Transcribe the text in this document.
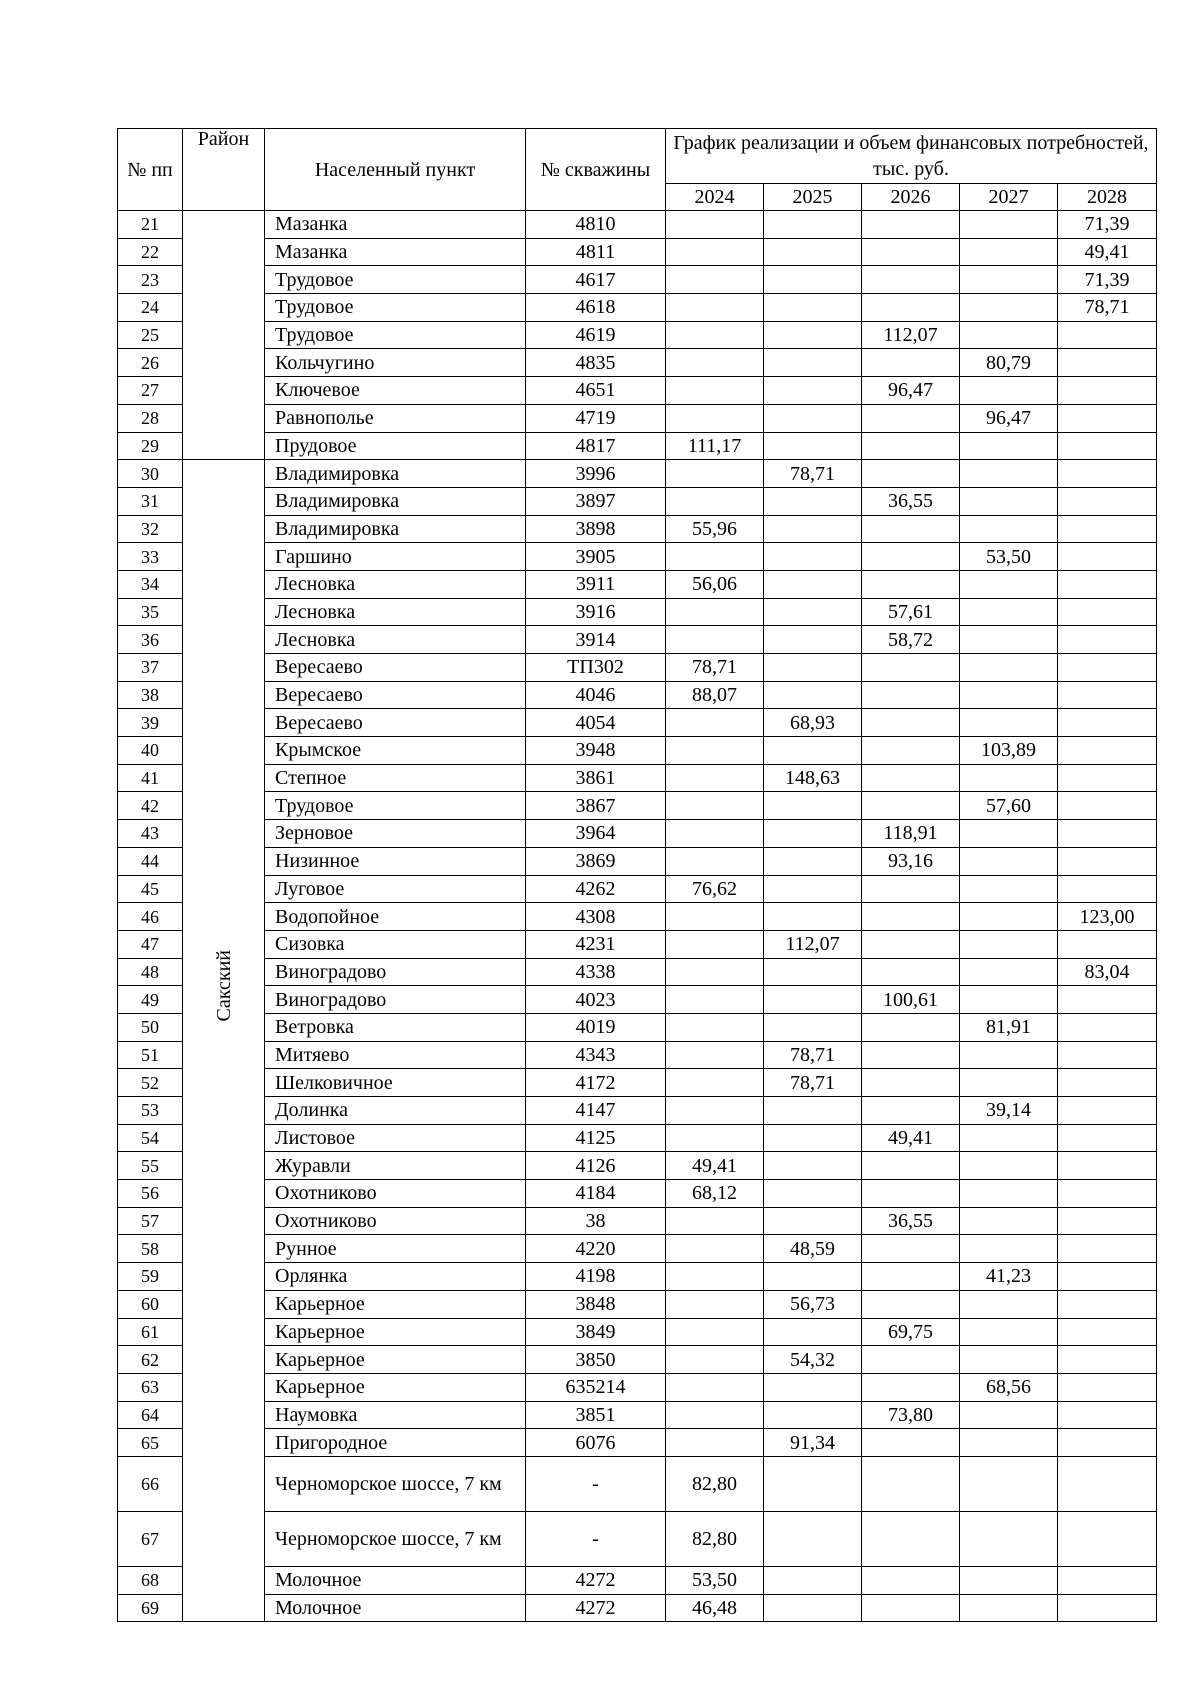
№ пп	Район	Населенный пункт	№ скважины	График реализации и объем финансовых потребностей, тыс. руб.				
				2024	2025	2026	2027	2028
21		Мазанка	4810					71,39
22		Мазанка	4811					49,41
23		Трудовое	4617					71,39
24		Трудовое	4618					78,71
25		Трудовое	4619			112,07		
26		Кольчугино	4835				80,79	
27		Ключевое	4651			96,47		
28		Равнополье	4719				96,47	
29		Прудовое	4817	111,17				
30	Сакский	Владимировка	3996		78,71			
31		Владимировка	3897			36,55		
32		Владимировка	3898	55,96				
33		Гаршино	3905				53,50	
34		Лесновка	3911	56,06				
35		Лесновка	3916			57,61		
36		Лесновка	3914			58,72		
37		Вересаево	ТП302	78,71				
38		Вересаево	4046	88,07				
39		Вересаево	4054		68,93			
40		Крымское	3948				103,89	
41		Степное	3861		148,63			
42		Трудовое	3867				57,60	
43		Зерновое	3964			118,91		
44		Низинное	3869			93,16		
45		Луговое	4262	76,62				
46		Водопойное	4308					123,00
47		Сизовка	4231		112,07			
48		Виноградово	4338					83,04
49		Виноградово	4023			100,61		
50		Ветровка	4019				81,91	
51		Митяево	4343		78,71			
52		Шелковичное	4172		78,71			
53		Долинка	4147				39,14	
54		Листовое	4125			49,41		
55		Журавли	4126	49,41				
56		Охотниково	4184	68,12				
57		Охотниково	38			36,55		
58		Рунное	4220		48,59			
59		Орлянка	4198				41,23	
60		Карьерное	3848		56,73			
61		Карьерное	3849			69,75		
62		Карьерное	3850		54,32			
63		Карьерное	635214				68,56	
64		Наумовка	3851			73,80		
65		Пригородное	6076		91,34			
66		Черноморское шоссе, 7 км	-	82,80				
67		Черноморское шоссе, 7 км	-	82,80				
68		Молочное	4272	53,50				
69		Молочное	4272	46,48				
